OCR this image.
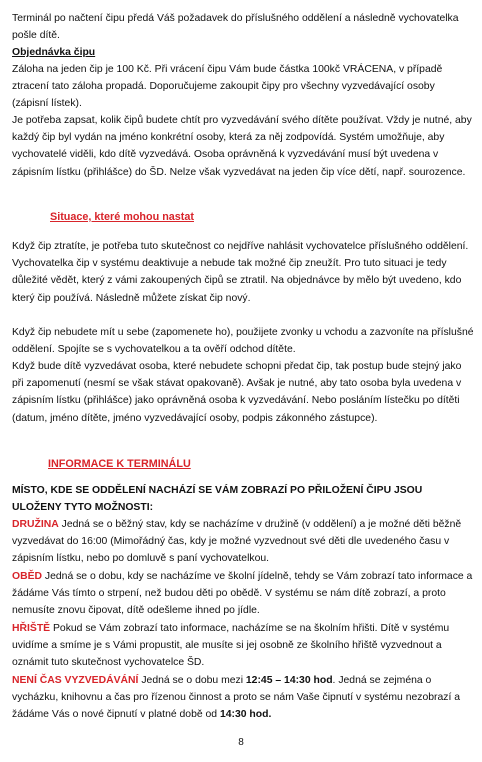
Terminál po načtení čipu předá Váš požadavek do příslušného oddělení a následně vychovatelka pošle dítě.

Objednávka čipu

Záloha na jeden čip je 100 Kč. Při vrácení čipu Vám bude částka 100kč VRÁCENA, v případě ztracení tato záloha propadá. Doporučujeme zakoupit čipy pro všechny vyzvedávající osoby (zápisní lístek).

Je potřeba zapsat, kolik čipů budete chtít pro vyzvedávání svého dítěte používat. Vždy je nutné, aby každý čip byl vydán na jméno konkrétní osoby, která za něj zodpovídá. Systém umožňuje, aby vychovatelé viděli, kdo dítě vyzvedává. Osoba oprávněná k vyzvedávání musí být uvedena v zápisním lístku (přihlášce) do ŠD. Nelze však vyzvedávat na jeden čip více dětí, např. sourozence.

Situace, které mohou nastat

Když čip ztratíte, je potřeba tuto skutečnost co nejdříve nahlásit vychovatelce příslušného oddělení. Vychovatelka čip v systému deaktivuje a nebude tak možné čip zneužít. Pro tuto situaci je tedy důležité vědět, který z vámi zakoupených čipů se ztratil. Na objednávce by mělo být uvedeno, kdo který čip používá. Následně můžete získat čip nový.

Když čip nebudete mít u sebe (zapomenete ho), použijete zvonky u vchodu a zazvoníte na příslušné oddělení. Spojíte se s vychovatelkou a ta ověří odchod dítěte.

Když bude dítě vyzvedávat osoba, které nebudete schopni předat čip, tak postup bude stejný jako při zapomenutí (nesmí se však stávat opakovaně). Avšak je nutné, aby tato osoba byla uvedena v zápisním lístku (přihlášce) jako oprávněná osoba k vyzvedávání. Nebo posláním lístečku po dítěti (datum, jméno dítěte, jméno vyzvedávající osoby, podpis zákonného zástupce).

INFORMACE K TERMINÁLU

MÍSTO, KDE SE ODDĚLENÍ NACHÁZÍ SE VÁM ZOBRAZÍ PO PŘILOŽENÍ ČIPU JSOU ULOŽENY TYTO MOŽNOSTI:

DRUŽINA Jedná se o běžný stav, kdy se nacházíme v družině (v oddělení) a je možné děti běžně vyzvedávat do 16:00 (Mimořádný čas, kdy je možné vyzvednout své děti dle uvedeného času v zápisním lístku, nebo po domluvě s paní vychovatelkou.

OBĚD Jedná se o dobu, kdy se nacházíme ve školní jídelně, tehdy se Vám zobrazí tato informace a žádáme Vás tímto o strpení, než budou děti po obědě. V systému se nám dítě zobrazí, a proto nemusíte znovu čipovat, dítě odešleme ihned po jídle.

HŘIŠTĚ Pokud se Vám zobrazí tato informace, nacházíme se na školním hřišti. Dítě v systému uvidíme a smíme je s Vámi propustit, ale musíte si jej osobně ze školního hřiště vyzvednout a oznámit tuto skutečnost vychovatelce ŠD.

NENÍ ČAS VYZVEDÁVÁNÍ Jedná se o dobu mezi 12:45 – 14:30 hod. Jedná se zejména o vycházku, knihovnu a čas pro řízenou činnost a proto se nám Vaše čipnutí v systému nezobrazí a žádáme Vás o nové čipnutí v platné době od 14:30 hod.

8
